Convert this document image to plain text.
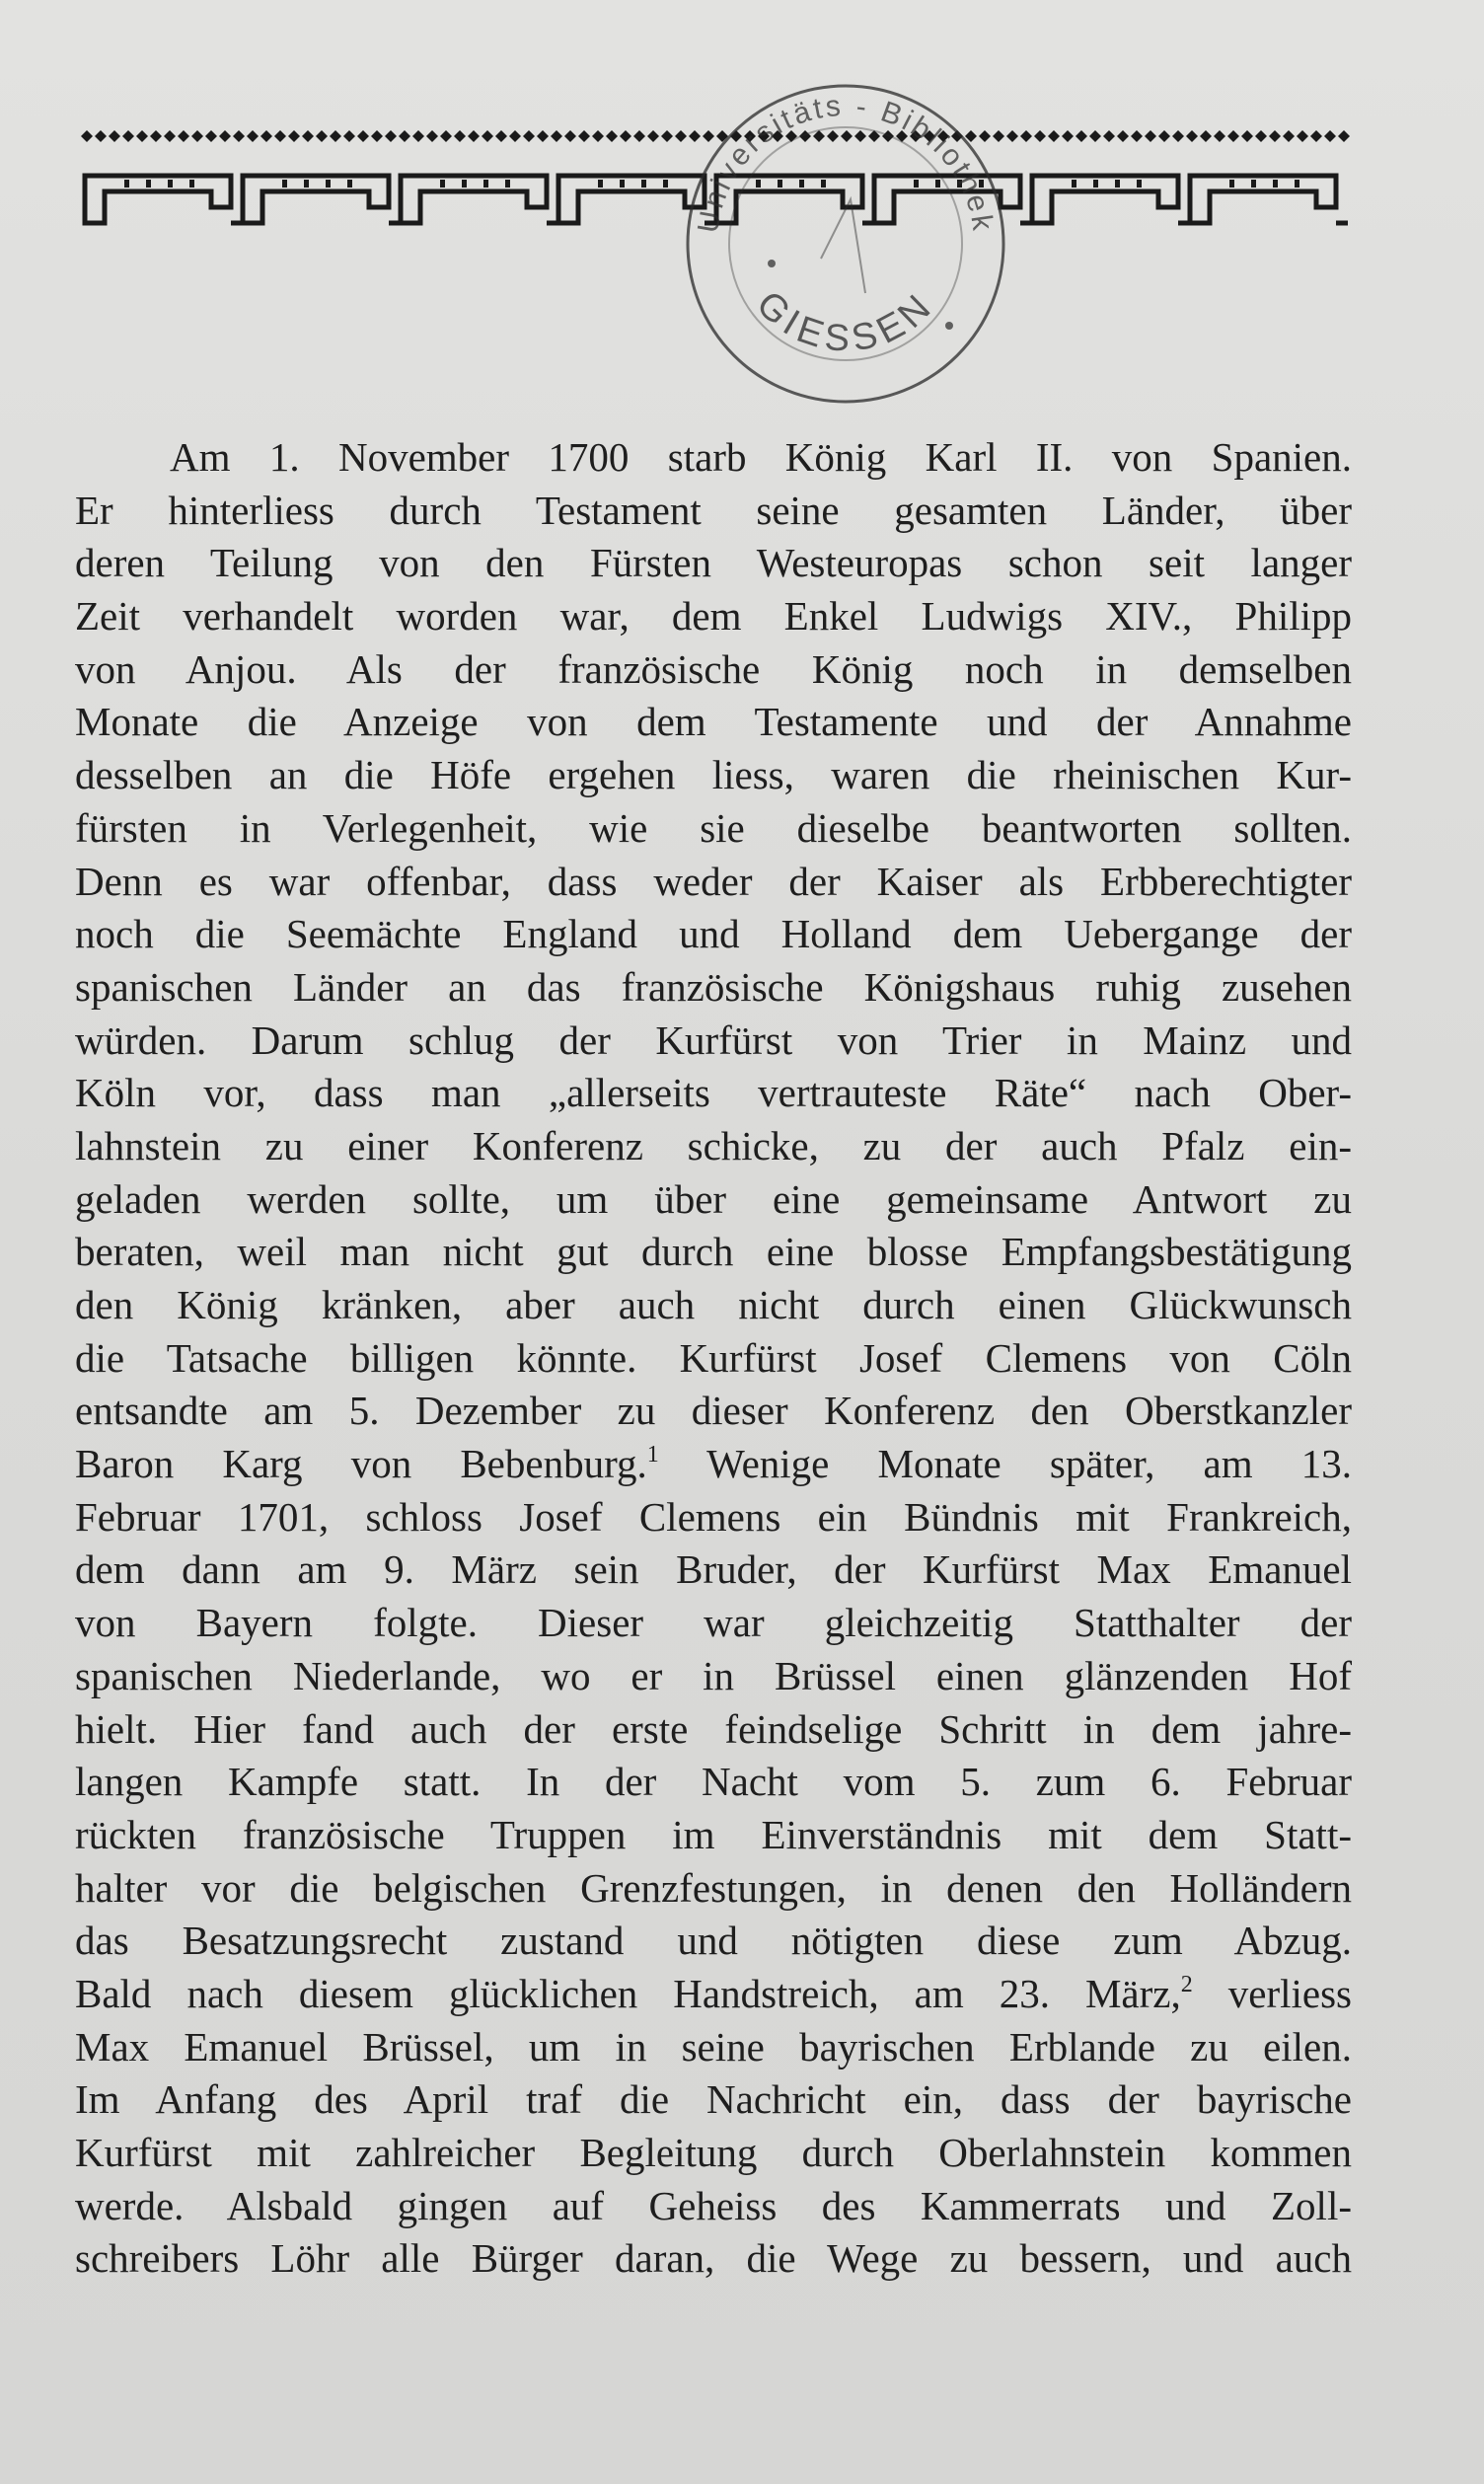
Universitäts - Bibliothek
GIESSEN
Am 1. November 1700 starb König Karl II. von Spanien.
Er hinterliess durch Testament seine gesamten Länder, über
deren Teilung von den Fürsten Westeuropas schon seit langer
Zeit verhandelt worden war, dem Enkel Ludwigs XIV., Philipp
von Anjou. Als der französische König noch in demselben
Monate die Anzeige von dem Testamente und der Annahme
desselben an die Höfe ergehen liess, waren die rheinischen Kur-
fürsten in Verlegenheit, wie sie dieselbe beantworten sollten.
Denn es war offenbar, dass weder der Kaiser als Erbberechtigter
noch die Seemächte England und Holland dem Uebergange der
spanischen Länder an das französische Königshaus ruhig zusehen
würden. Darum schlug der Kurfürst von Trier in Mainz und
Köln vor, dass man „allerseits vertrauteste Räte“ nach Ober-
lahnstein zu einer Konferenz schicke, zu der auch Pfalz ein-
geladen werden sollte, um über eine gemeinsame Antwort zu
beraten, weil man nicht gut durch eine blosse Empfangsbestätigung
den König kränken, aber auch nicht durch einen Glückwunsch
die Tatsache billigen könnte. Kurfürst Josef Clemens von Cöln
entsandte am 5. Dezember zu dieser Konferenz den Oberstkanzler
Baron Karg von Bebenburg.$^1$ Wenige Monate später, am 13.
Februar 1701, schloss Josef Clemens ein Bündnis mit Frankreich,
dem dann am 9. März sein Bruder, der Kurfürst Max Emanuel
von Bayern folgte. Dieser war gleichzeitig Statthalter der
spanischen Niederlande, wo er in Brüssel einen glänzenden Hof
hielt. Hier fand auch der erste feindselige Schritt in dem jahre-
langen Kampfe statt. In der Nacht vom 5. zum 6. Februar
rückten französische Truppen im Einverständnis mit dem Statt-
halter vor die belgischen Grenzfestungen, in denen den Holländern
das Besatzungsrecht zustand und nötigten diese zum Abzug.
Bald nach diesem glücklichen Handstreich, am 23. März,$^2$ verliess
Max Emanuel Brüssel, um in seine bayrischen Erblande zu eilen.
Im Anfang des April traf die Nachricht ein, dass der bayrische
Kurfürst mit zahlreicher Begleitung durch Oberlahnstein kommen
werde. Alsbald gingen auf Geheiss des Kammerrats und Zoll-
schreibers Löhr alle Bürger daran, die Wege zu bessern, und auch
